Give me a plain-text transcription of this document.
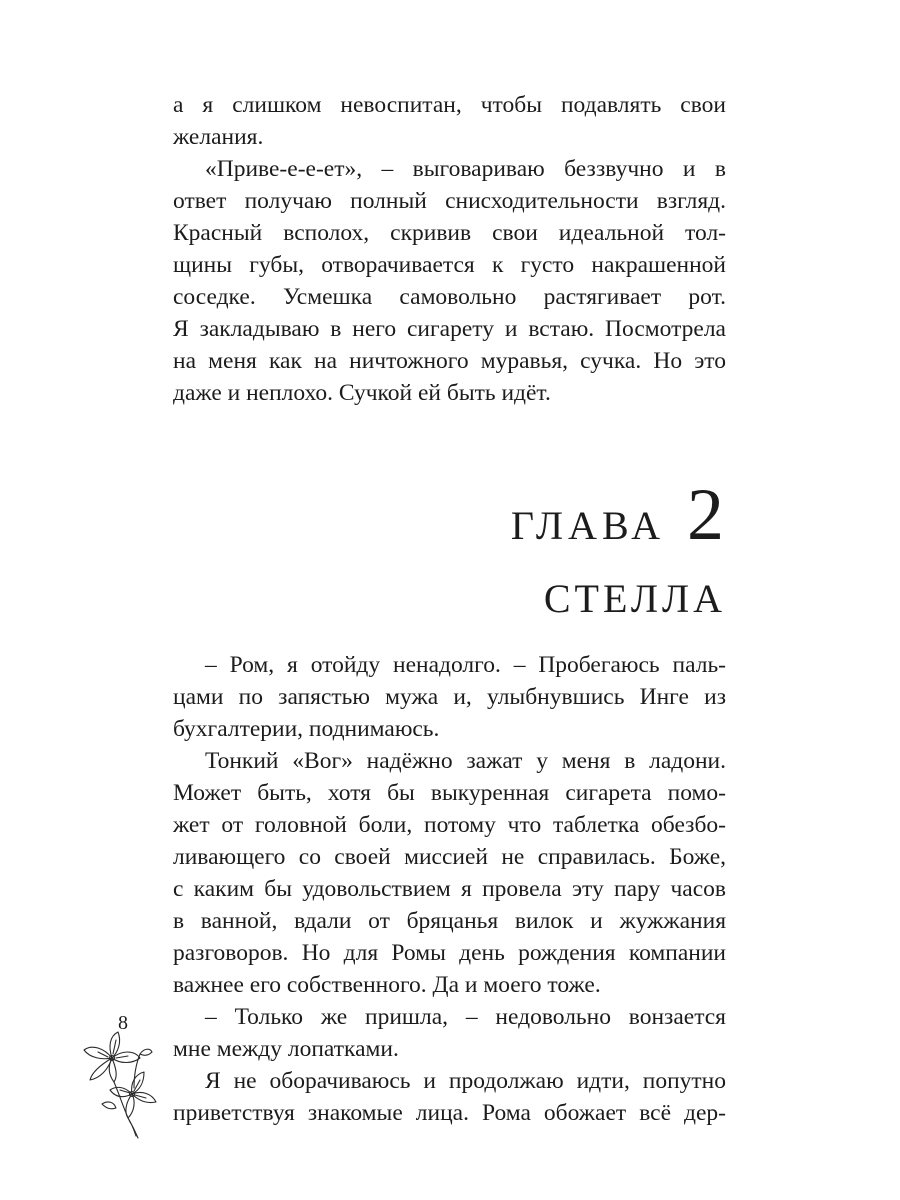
а я слишком невоспитан, чтобы подавлять свои
желания.
«Приве-е-е-ет», – выговариваю беззвучно и в
ответ получаю полный снисходительности взгляд.
Красный всполох, скривив свои идеальной тол-
щины губы, отворачивается к густо накрашенной
соседке. Усмешка самовольно растягивает рот.
Я закладываю в него сигарету и встаю. Посмотрела
на меня как на ничтожного муравья, сучка. Но это
даже и неплохо. Сучкой ей быть идёт.
ГЛАВА 2
СТЕЛЛА
– Ром, я отойду ненадолго. – Пробегаюсь паль-
цами по запястью мужа и, улыбнувшись Инге из
бухгалтерии, поднимаюсь.
Тонкий «Вог» надёжно зажат у меня в ладони.
Может быть, хотя бы выкуренная сигарета помо-
жет от головной боли, потому что таблетка обезбо-
ливающего со своей миссией не справилась. Боже,
с каким бы удовольствием я провела эту пару часов
в ванной, вдали от бряцанья вилок и жужжания
разговоров. Но для Ромы день рождения компании
важнее его собственного. Да и моего тоже.
– Только же пришла, – недовольно вонзается
мне между лопатками.
Я не оборачиваюсь и продолжаю идти, попутно
приветствуя знакомые лица. Рома обожает всё дер-
8
